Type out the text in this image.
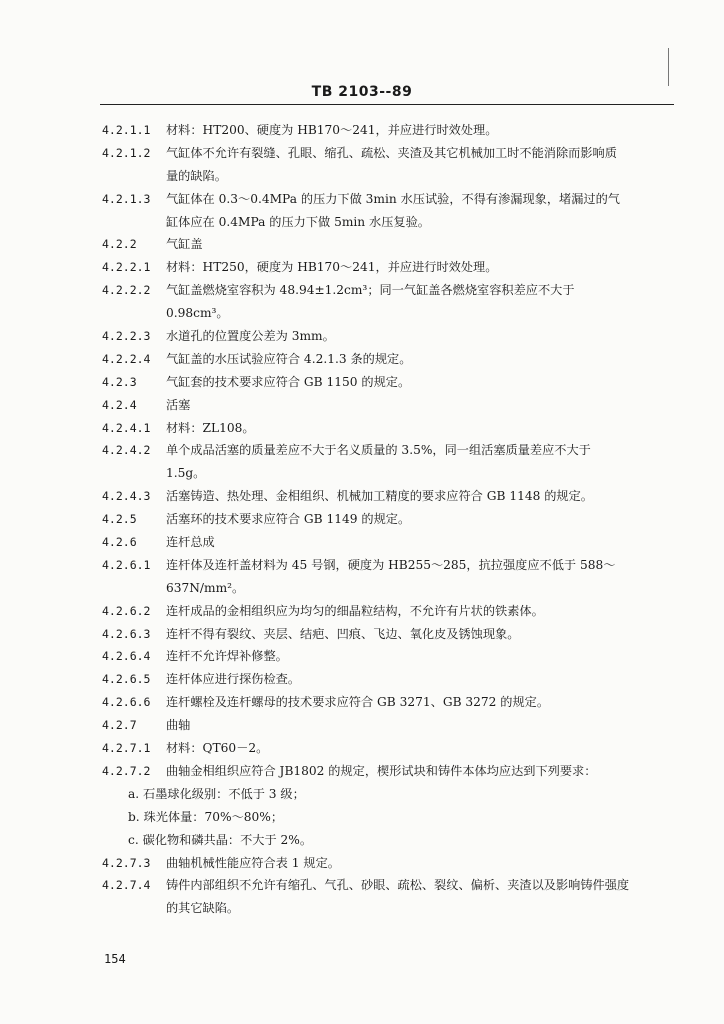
TB 2103--89
4.2.1.1 材料：HT200、硬度为 HB170～241，并应进行时效处理。
4.2.1.2 气缸体不允许有裂缝、孔眼、缩孔、疏松、夹渣及其它机械加工时不能消除而影响质
量的缺陷。
4.2.1.3 气缸体在 0.3～0.4MPa 的压力下做 3min 水压试验，不得有渗漏现象，堵漏过的气
缸体应在 0.4MPa 的压力下做 5min 水压复验。
4.2.2 气缸盖
4.2.2.1 材料：HT250，硬度为 HB170～241，并应进行时效处理。
4.2.2.2 气缸盖燃烧室容积为 48.94±1.2cm³；同一气缸盖各燃烧室容积差应不大于
0.98cm³。
4.2.2.3 水道孔的位置度公差为 3mm。
4.2.2.4 气缸盖的水压试验应符合 4.2.1.3 条的规定。
4.2.3 气缸套的技术要求应符合 GB 1150 的规定。
4.2.4 活塞
4.2.4.1 材料：ZL108。
4.2.4.2 单个成品活塞的质量差应不大于名义质量的 3.5%，同一组活塞质量差应不大于
1.5g。
4.2.4.3 活塞铸造、热处理、金相组织、机械加工精度的要求应符合 GB 1148 的规定。
4.2.5 活塞环的技术要求应符合 GB 1149 的规定。
4.2.6 连杆总成
4.2.6.1 连杆体及连杆盖材料为 45 号钢，硬度为 HB255～285，抗拉强度应不低于 588～
637N/mm²。
4.2.6.2 连杆成品的金相组织应为均匀的细晶粒结构，不允许有片状的铁素体。
4.2.6.3 连杆不得有裂纹、夹层、结疤、凹痕、飞边、氧化皮及锈蚀现象。
4.2.6.4 连杆不允许焊补修整。
4.2.6.5 连杆体应进行探伤检查。
4.2.6.6 连杆螺栓及连杆螺母的技术要求应符合 GB 3271、GB 3272 的规定。
4.2.7 曲轴
4.2.7.1 材料：QT60－2。
4.2.7.2 曲轴金相组织应符合 JB1802 的规定，楔形试块和铸件本体均应达到下列要求：
a. 石墨球化级别：不低于 3 级；
b. 珠光体量：70%～80%；
c. 碳化物和磷共晶：不大于 2%。
4.2.7.3 曲轴机械性能应符合表 1 规定。
4.2.7.4 铸件内部组织不允许有缩孔、气孔、砂眼、疏松、裂纹、偏析、夹渣以及影响铸件强度
的其它缺陷。
154
